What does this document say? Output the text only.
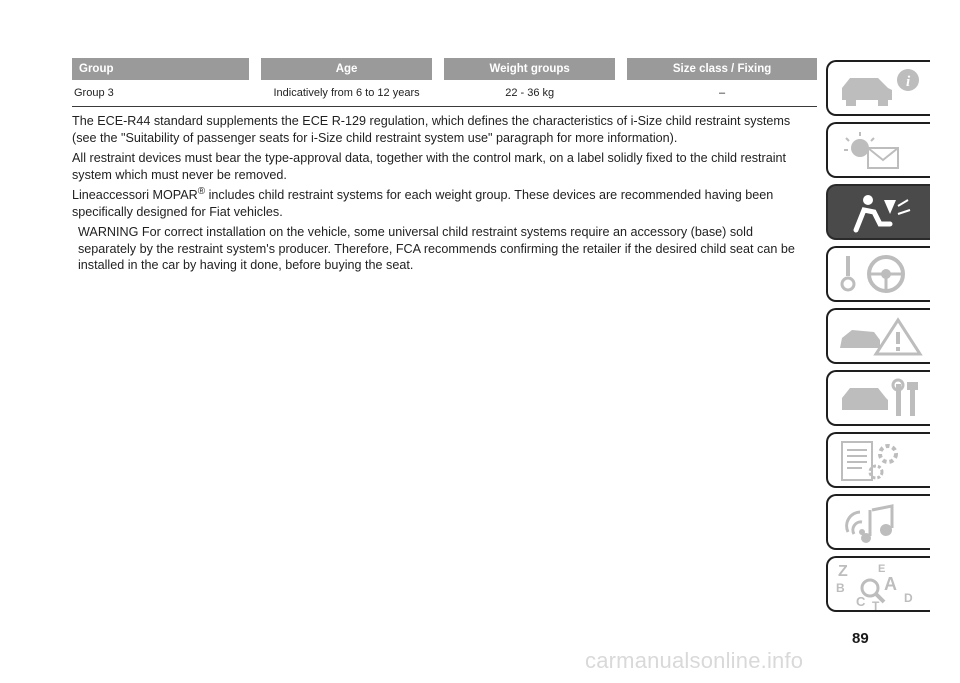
Group	Age	Weight groups	Size class / Fixing
Group 3	Indicatively from 6 to 12 years	22 - 36 kg	–

The ECE-R44 standard supplements the ECE R-129 regulation, which defines the characteristics of i-Size child restraint systems (see the "Suitability of passenger seats for i-Size child restraint system use" paragraph for more information).

All restraint devices must bear the type-approval data, together with the control mark, on a label solidly fixed to the child restraint system which must never be removed.

Lineaccessori MOPAR® includes child restraint systems for each weight group. These devices are recommended having been specifically designed for Fiat vehicles.

WARNING For correct installation on the vehicle, some universal child restraint systems require an accessory (base) sold separately by the restraint system's producer. Therefore, FCA recommends confirming the retailer if the desired child seat can be installed in the car by having it done, before buying the seat.

i
Z	E
A
B
C	D
T
89
carmanualsonline.info
